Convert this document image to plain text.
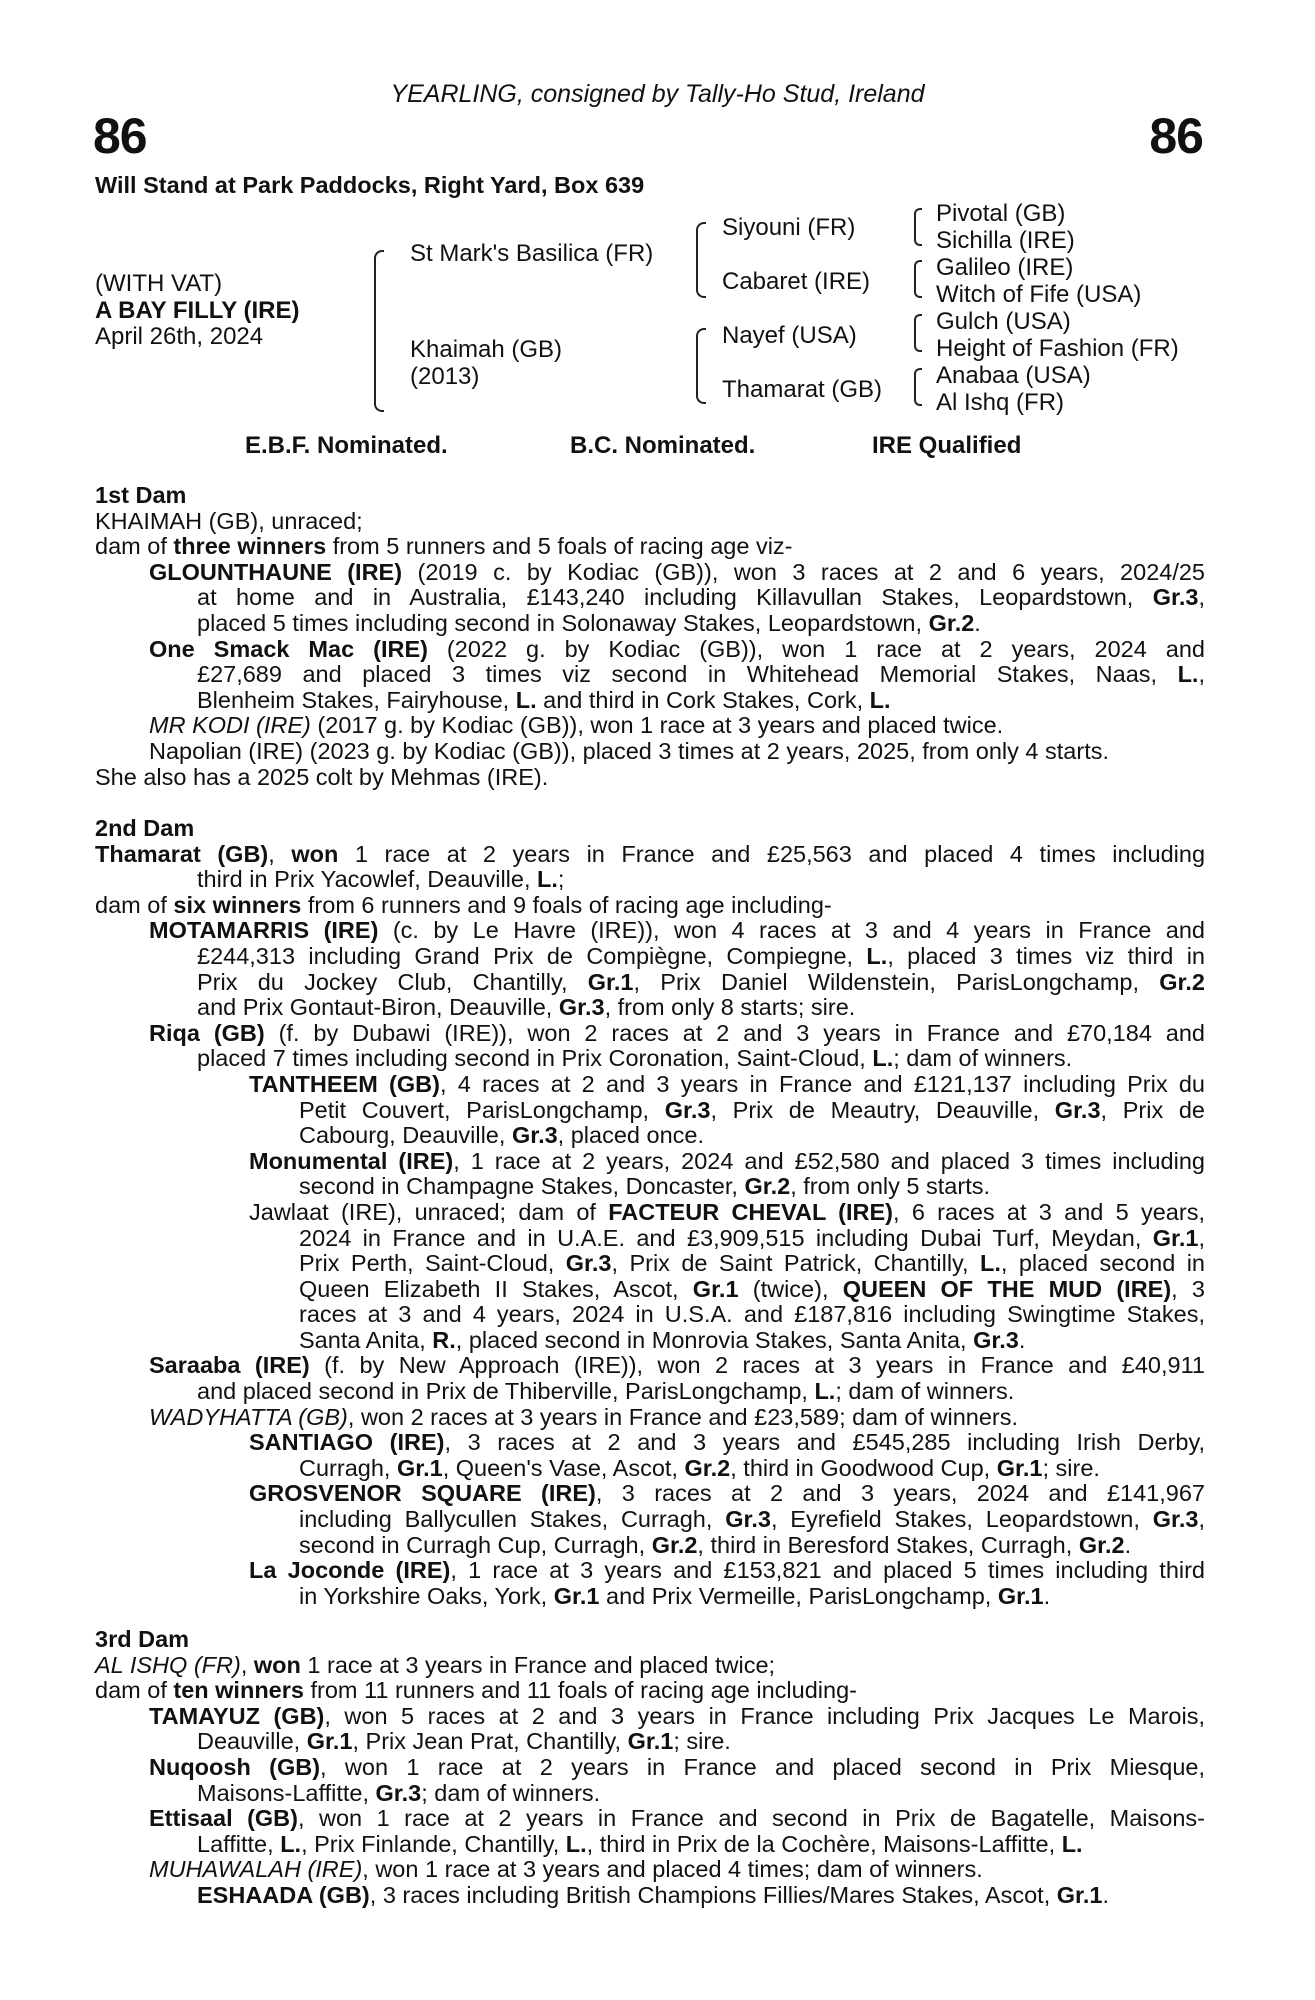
YEARLING, consigned by Tally-Ho Stud, Ireland
86	86
Will Stand at Park Paddocks, Right Yard, Box 639
(WITH VAT)
A BAY FILLY (IRE)
April 26th, 2024
St Mark's Basilica (FR)
Khaimah (GB)
(2013)
Siyouni (FR)
Cabaret (IRE)
Nayef (USA)
Thamarat (GB)
Pivotal (GB)
Sichilla (IRE)
Galileo (IRE)
Witch of Fife (USA)
Gulch (USA)
Height of Fashion (FR)
Anabaa (USA)
Al Ishq (FR)
E.B.F. Nominated.	B.C. Nominated.	IRE Qualified
1st Dam
KHAIMAH (GB), unraced;
dam of three winners from 5 runners and 5 foals of racing age viz-
GLOUNTHAUNE (IRE) (2019 c. by Kodiac (GB)), won 3 races at 2 and 6 years, 2024/25
at home and in Australia, £143,240 including Killavullan Stakes, Leopardstown, Gr.3,
placed 5 times including second in Solonaway Stakes, Leopardstown, Gr.2.
One Smack Mac (IRE) (2022 g. by Kodiac (GB)), won 1 race at 2 years, 2024 and
£27,689 and placed 3 times viz second in Whitehead Memorial Stakes, Naas, L.,
Blenheim Stakes, Fairyhouse, L. and third in Cork Stakes, Cork, L.
MR KODI (IRE) (2017 g. by Kodiac (GB)), won 1 race at 3 years and placed twice.
Napolian (IRE) (2023 g. by Kodiac (GB)), placed 3 times at 2 years, 2025, from only 4 starts.
She also has a 2025 colt by Mehmas (IRE).
2nd Dam
Thamarat (GB), won 1 race at 2 years in France and £25,563 and placed 4 times including
third in Prix Yacowlef, Deauville, L.;
dam of six winners from 6 runners and 9 foals of racing age including-
MOTAMARRIS (IRE) (c. by Le Havre (IRE)), won 4 races at 3 and 4 years in France and
£244,313 including Grand Prix de Compiègne, Compiegne, L., placed 3 times viz third in
Prix du Jockey Club, Chantilly, Gr.1, Prix Daniel Wildenstein, ParisLongchamp, Gr.2
and Prix Gontaut-Biron, Deauville, Gr.3, from only 8 starts; sire.
Riqa (GB) (f. by Dubawi (IRE)), won 2 races at 2 and 3 years in France and £70,184 and
placed 7 times including second in Prix Coronation, Saint-Cloud, L.; dam of winners.
TANTHEEM (GB), 4 races at 2 and 3 years in France and £121,137 including Prix du
Petit Couvert, ParisLongchamp, Gr.3, Prix de Meautry, Deauville, Gr.3, Prix de
Cabourg, Deauville, Gr.3, placed once.
Monumental (IRE), 1 race at 2 years, 2024 and £52,580 and placed 3 times including
second in Champagne Stakes, Doncaster, Gr.2, from only 5 starts.
Jawlaat (IRE), unraced; dam of FACTEUR CHEVAL (IRE), 6 races at 3 and 5 years,
2024 in France and in U.A.E. and £3,909,515 including Dubai Turf, Meydan, Gr.1,
Prix Perth, Saint-Cloud, Gr.3, Prix de Saint Patrick, Chantilly, L., placed second in
Queen Elizabeth II Stakes, Ascot, Gr.1 (twice), QUEEN OF THE MUD (IRE), 3
races at 3 and 4 years, 2024 in U.S.A. and £187,816 including Swingtime Stakes,
Santa Anita, R., placed second in Monrovia Stakes, Santa Anita, Gr.3.
Saraaba (IRE) (f. by New Approach (IRE)), won 2 races at 3 years in France and £40,911
and placed second in Prix de Thiberville, ParisLongchamp, L.; dam of winners.
WADYHATTA (GB), won 2 races at 3 years in France and £23,589; dam of winners.
SANTIAGO (IRE), 3 races at 2 and 3 years and £545,285 including Irish Derby,
Curragh, Gr.1, Queen's Vase, Ascot, Gr.2, third in Goodwood Cup, Gr.1; sire.
GROSVENOR SQUARE (IRE), 3 races at 2 and 3 years, 2024 and £141,967
including Ballycullen Stakes, Curragh, Gr.3, Eyrefield Stakes, Leopardstown, Gr.3,
second in Curragh Cup, Curragh, Gr.2, third in Beresford Stakes, Curragh, Gr.2.
La Joconde (IRE), 1 race at 3 years and £153,821 and placed 5 times including third
in Yorkshire Oaks, York, Gr.1 and Prix Vermeille, ParisLongchamp, Gr.1.
3rd Dam
AL ISHQ (FR), won 1 race at 3 years in France and placed twice;
dam of ten winners from 11 runners and 11 foals of racing age including-
TAMAYUZ (GB), won 5 races at 2 and 3 years in France including Prix Jacques Le Marois,
Deauville, Gr.1, Prix Jean Prat, Chantilly, Gr.1; sire.
Nuqoosh (GB), won 1 race at 2 years in France and placed second in Prix Miesque,
Maisons-Laffitte, Gr.3; dam of winners.
Ettisaal (GB), won 1 race at 2 years in France and second in Prix de Bagatelle, Maisons-
Laffitte, L., Prix Finlande, Chantilly, L., third in Prix de la Cochère, Maisons-Laffitte, L.
MUHAWALAH (IRE), won 1 race at 3 years and placed 4 times; dam of winners.
ESHAADA (GB), 3 races including British Champions Fillies/Mares Stakes, Ascot, Gr.1.
